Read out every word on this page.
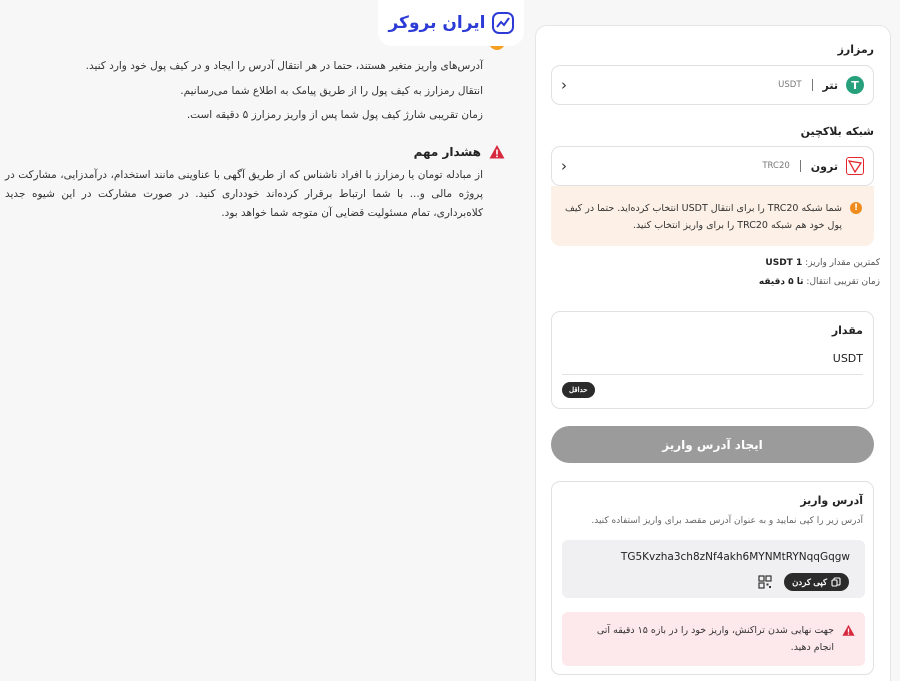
آدرس‌های واریز متغیر هستند، حتما در هر انتقال آدرس را ایجاد و در کیف پول خود وارد کنید.
انتقال رمزارز به کیف پول را از طریق پیامک به اطلاع شما می‌رسانیم.
زمان تقریبی شارژ کیف پول شما پس از واریز رمزارز ۵ دقیقه است.
هشدار مهم
از مبادله تومان یا رمزارز با افراد ناشناس که از طریق آگهی با عناوینی مانند استخدام، درآمدزایی، مشارکت در پروژه مالی و... با شما ارتباط برقرار کرده‌اند خودداری کنید. در صورت مشارکت در این شیوه جدید کلاه‌برداری، تمام مسئولیت قضایی آن متوجه شما خواهد بود.
ایران بروکر
رمزارز
T
تتر
USDT
‹
شبکه بلاکچین
ترون
TRC20
‹
!
شما شبکه TRC20 را برای انتقال USDT انتخاب کرده‌اید. حتما در کیف پول خود هم شبکه TRC20 را برای واریز انتخاب کنید.
کمترین مقدار واریز: 1 USDT
زمان تقریبی انتقال: تا ۵ دقیقه
مقدار
USDT
حداقل
ایجاد آدرس واریز
آدرس واریز
آدرس زیر را کپی نمایید و به عنوان آدرس مقصد برای واریز استفاده کنید.
TG5Kvzha3ch8zNf4akh6MYNMtRYNqqGqgw
کپی کردن
جهت نهایی شدن تراکنش، واریز خود را در بازه ۱۵ دقیقه آتی انجام دهید.
